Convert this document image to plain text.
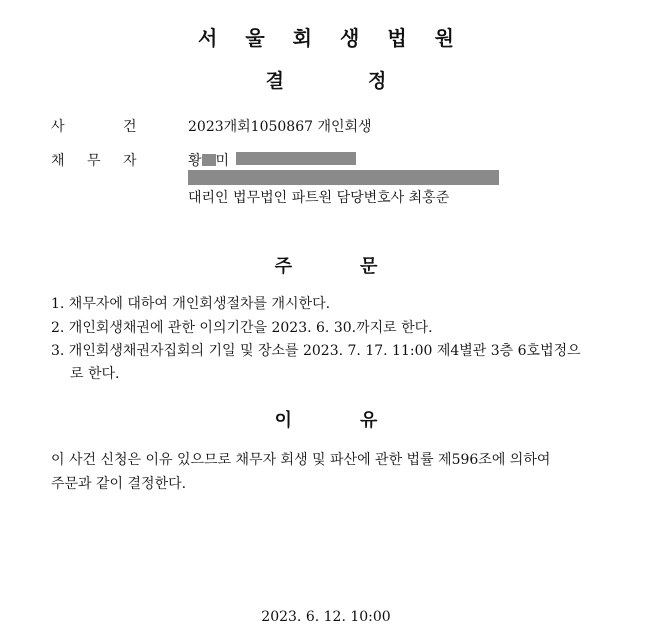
서 울 회 생 법 원
결	정
사	건	2023개회1050867 개인회생
채 무 자	황 미
대리인 법무법인 파트원 담당변호사 최홍준
주	문
1. 채무자에 대하여 개인회생절차를 개시한다.
2. 개인회생채권에 관한 이의기간을 2023. 6. 30.까지로 한다.
3. 개인회생채권자집회의 기일 및 장소를 2023. 7. 17. 11:00 제4별관 3층 6호법정으
로 한다.
이	유
이 사건 신청은 이유 있으므로 채무자 회생 및 파산에 관한 법률 제596조에 의하여
주문과 같이 결정한다.
2023. 6. 12. 10:00
